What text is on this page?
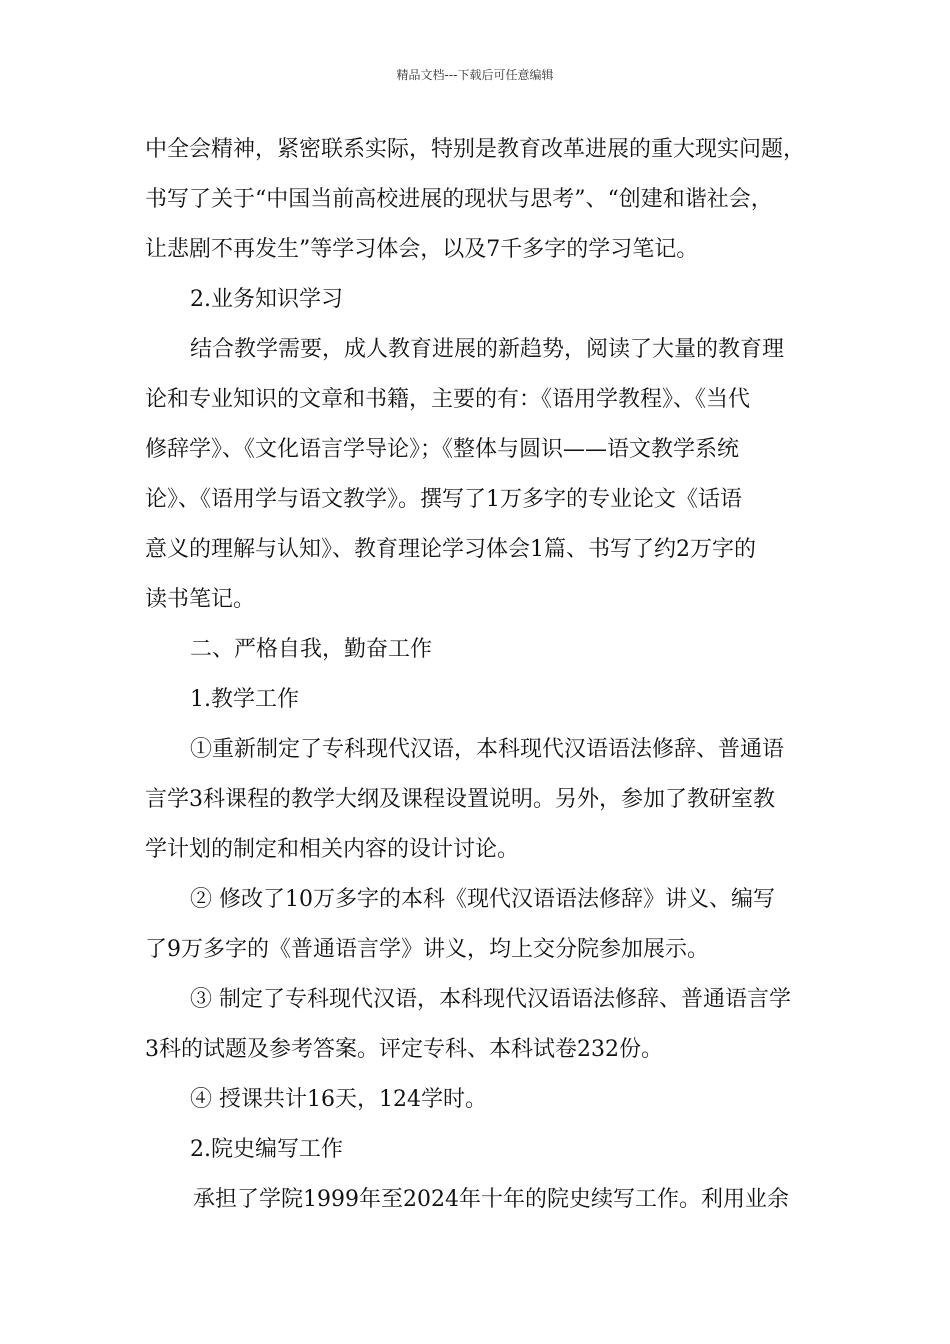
精品文档---下载后可任意编辑
中全会精神，紧密联系实际，特别是教育改革进展的重大现实问题，
书写了关于“中国当前高校进展的现状与思考”、“创建和谐社会，
让悲剧不再发生”等学习体会，以及7千多字的学习笔记。
2.业务知识学习
结合教学需要，成人教育进展的新趋势，阅读了大量的教育理
论和专业知识的文章和书籍，主要的有：《语用学教程》、《当代
修辞学》、《文化语言学导论》；《整体与圆识——语文教学系统
论》、《语用学与语文教学》。撰写了1万多字的专业论文《话语
意义的理解与认知》、教育理论学习体会1篇、书写了约2万字的
读书笔记。
二、严格自我，勤奋工作
1.教学工作
①重新制定了专科现代汉语，本科现代汉语语法修辞、普通语
言学3科课程的教学大纲及课程设置说明。另外，参加了教研室教
学计划的制定和相关内容的设计讨论。
② 修改了10万多字的本科《现代汉语语法修辞》讲义、编写
了9万多字的《普通语言学》讲义，均上交分院参加展示。
③ 制定了专科现代汉语，本科现代汉语语法修辞、普通语言学
3科的试题及参考答案。评定专科、本科试卷232份。
④ 授课共计16天，124学时。
2.院史编写工作
承担了学院1999年至2024年十年的院史续写工作。利用业余
